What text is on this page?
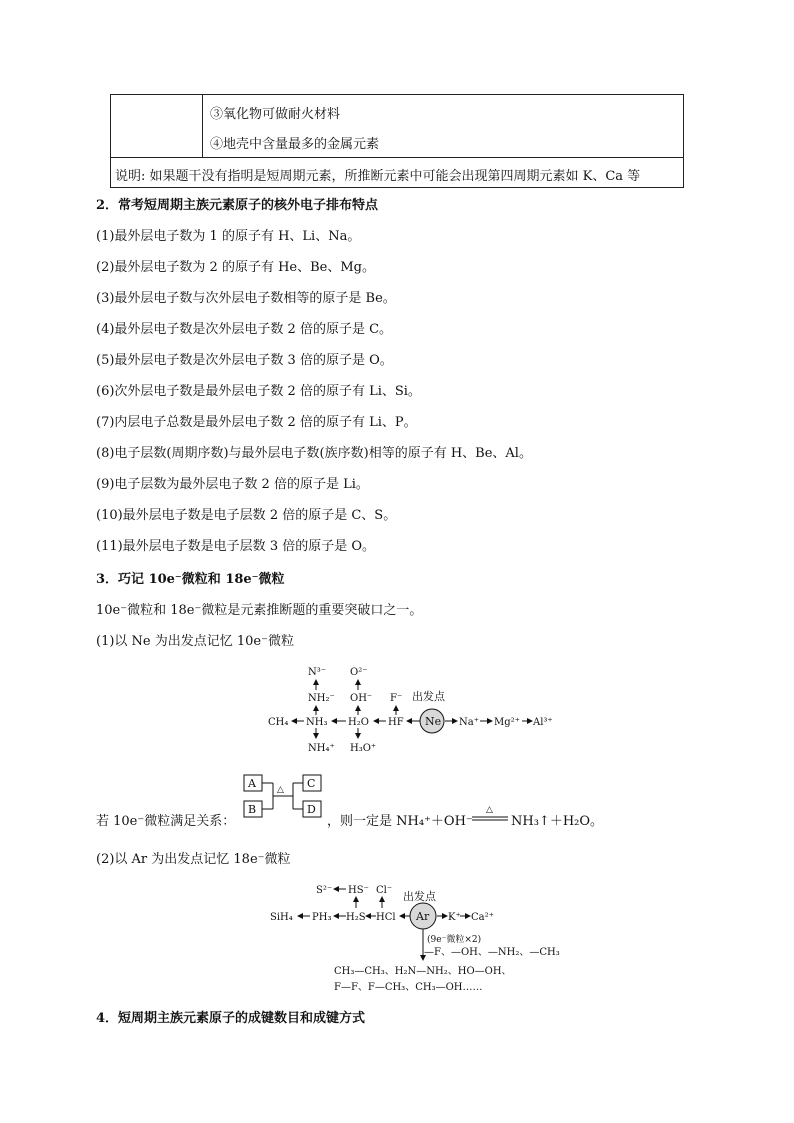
③氧化物可做耐火材料
④地壳中含量最多的金属元素
说明: 如果题干没有指明是短周期元素，所推断元素中可能会出现第四周期元素如 K、Ca 等
2．常考短周期主族元素原子的核外电子排布特点
(1)最外层电子数为 1 的原子有 H、Li、Na。
(2)最外层电子数为 2 的原子有 He、Be、Mg。
(3)最外层电子数与次外层电子数相等的原子是 Be。
(4)最外层电子数是次外层电子数 2 倍的原子是 C。
(5)最外层电子数是次外层电子数 3 倍的原子是 O。
(6)次外层电子数是最外层电子数 2 倍的原子有 Li、Si。
(7)内层电子总数是最外层电子数 2 倍的原子有 Li、P。
(8)电子层数(周期序数)与最外层电子数(族序数)相等的原子有 H、Be、Al。
(9)电子层数为最外层电子数 2 倍的原子是 Li。
(10)最外层电子数是电子层数 2 倍的原子是 C、S。
(11)最外层电子数是电子层数 3 倍的原子是 O。
3．巧记 10e⁻微粒和 18e⁻微粒
10e⁻微粒和 18e⁻微粒是元素推断题的重要突破口之一。
(1)以 Ne 为出发点记忆 10e⁻微粒
N³⁻
NH₂⁻
O²⁻
OH⁻ F⁻ 出发点
CH₄ NH₃ H₂O HF Ne Na⁺ Mg²⁺ Al³⁺
NH₄⁺ H₃O⁺
A
B
△ C
D
若 10e⁻微粒满足关系：	，则一定是 NH₄⁺＋OH⁻
△
NH₃↑＋H₂O。
(2)以 Ar 为出发点记忆 18e⁻微粒
S²⁻ HS⁻ Cl⁻ 出发点
SiH₄ PH₃ H₂S HCl Ar K⁺ Ca²⁺
(9e⁻微粒×2)
—F、—OH、—NH₂、—CH₃
CH₃—CH₃、H₂N—NH₂、HO—OH、
F—F、F—CH₃、CH₃—OH……
4．短周期主族元素原子的成键数目和成键方式
